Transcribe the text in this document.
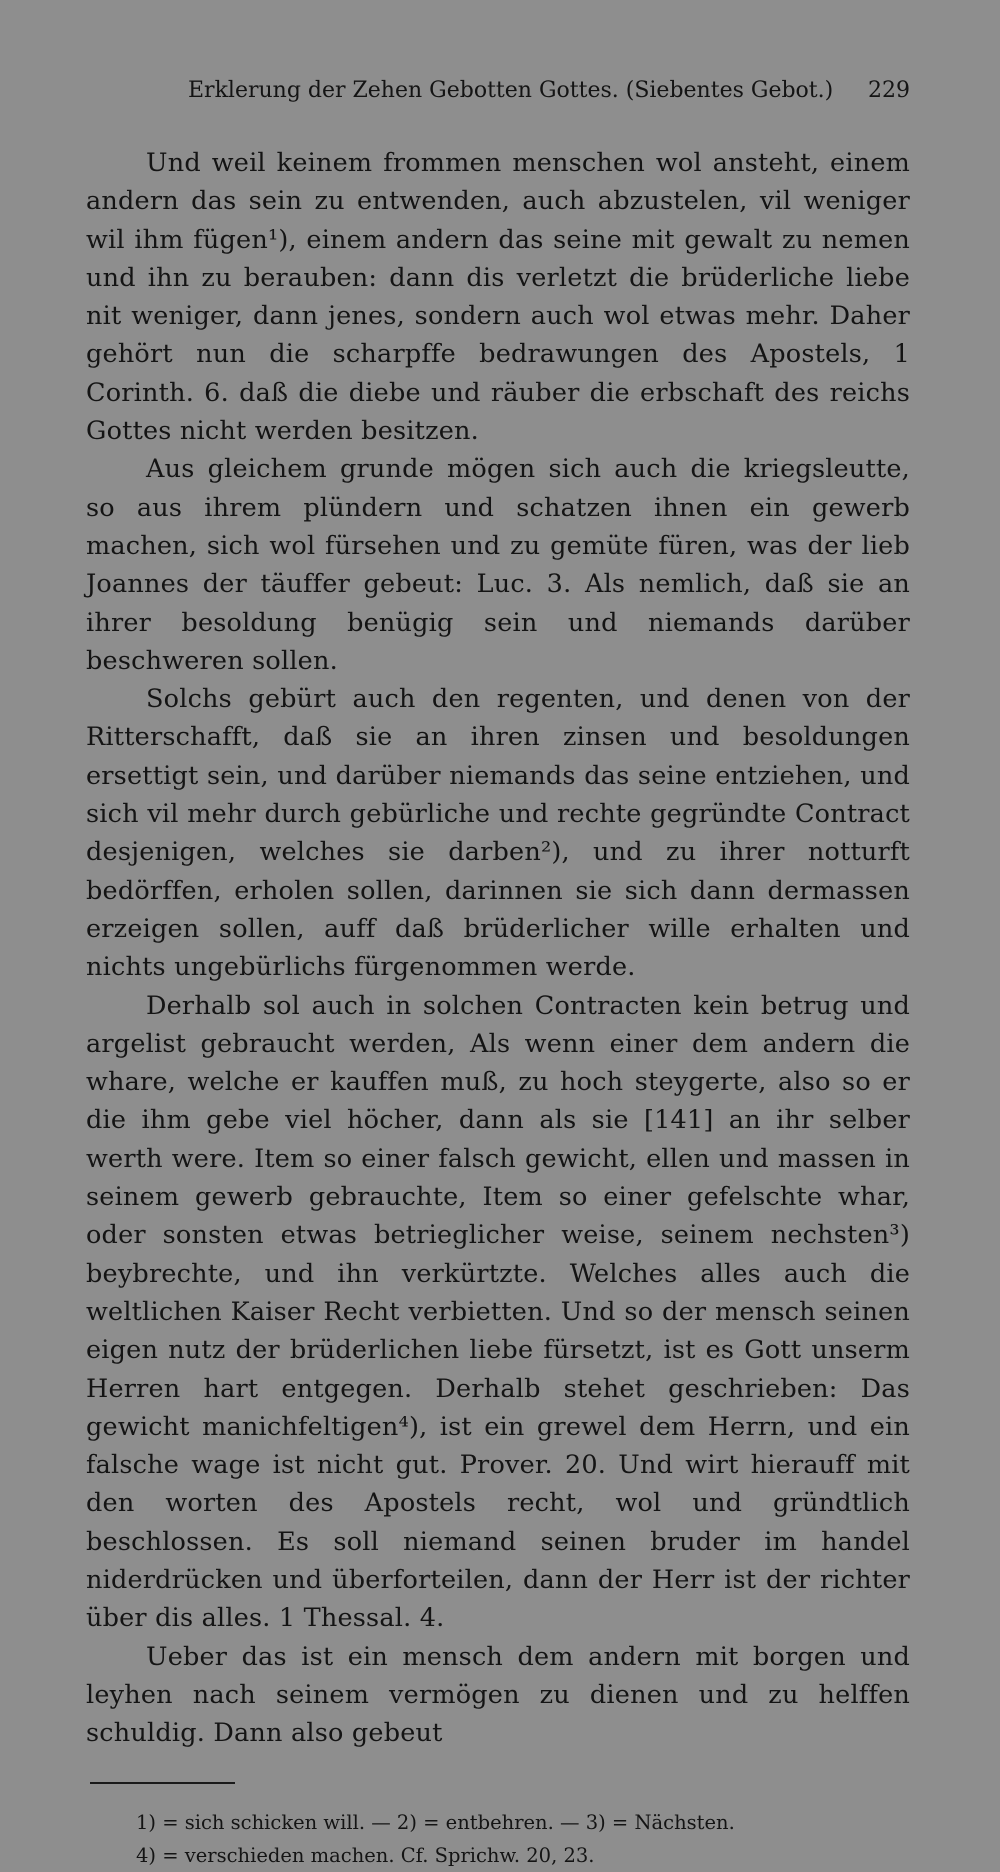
Erklerung der Zehen Gebotten Gottes. (Siebentes Gebot.) 229

Und weil keinem frommen menschen wol ansteht, einem andern das sein zu entwenden, auch abzustelen, vil weniger wil ihm fügen¹), einem andern das seine mit gewalt zu nemen und ihn zu berauben: dann dis verletzt die brüderliche liebe nit weniger, dann jenes, sondern auch wol etwas mehr. Daher gehört nun die scharpffe bedrawungen des Apostels, 1 Corinth. 6. daß die diebe und räuber die erbschaft des reichs Gottes nicht werden besitzen.

Aus gleichem grunde mögen sich auch die kriegsleutte, so aus ihrem plündern und schatzen ihnen ein gewerb machen, sich wol fürsehen und zu gemüte füren, was der lieb Joannes der täuffer gebeut: Luc. 3. Als nemlich, daß sie an ihrer besoldung benügig sein und niemands darüber beschweren sollen.

Solchs gebürt auch den regenten, und denen von der Ritterschafft, daß sie an ihren zinsen und besoldungen ersettigt sein, und darüber niemands das seine entziehen, und sich vil mehr durch gebürliche und rechte gegründte Contract desjenigen, welches sie darben²), und zu ihrer notturft bedörffen, erholen sollen, darinnen sie sich dann dermassen erzeigen sollen, auff daß brüderlicher wille erhalten und nichts ungebürlichs fürgenommen werde.

Derhalb sol auch in solchen Contracten kein betrug und argelist gebraucht werden, Als wenn einer dem andern die whare, welche er kauffen muß, zu hoch steygerte, also so er die ihm gebe viel höcher, dann als sie [141] an ihr selber werth were. Item so einer falsch gewicht, ellen und massen in seinem gewerb gebrauchte, Item so einer gefelschte whar, oder sonsten etwas betrieglicher weise, seinem nechsten³) beybrechte, und ihn verkürtzte. Welches alles auch die weltlichen Kaiser Recht verbietten. Und so der mensch seinen eigen nutz der brüderlichen liebe fürsetzt, ist es Gott unserm Herren hart entgegen. Derhalb stehet geschrieben: Das gewicht manichfeltigen⁴), ist ein grewel dem Herrn, und ein falsche wage ist nicht gut. Prover. 20. Und wirt hierauff mit den worten des Apostels recht, wol und gründtlich beschlossen. Es soll niemand seinen bruder im handel niderdrücken und überforteilen, dann der Herr ist der richter über dis alles. 1 Thessal. 4.

Ueber das ist ein mensch dem andern mit borgen und leyhen nach seinem vermögen zu dienen und zu helffen schuldig. Dann also gebeut

1) = sich schicken will. — 2) = entbehren. — 3) = Nächsten.
4) = verschieden machen. Cf. Sprichw. 20, 23.
